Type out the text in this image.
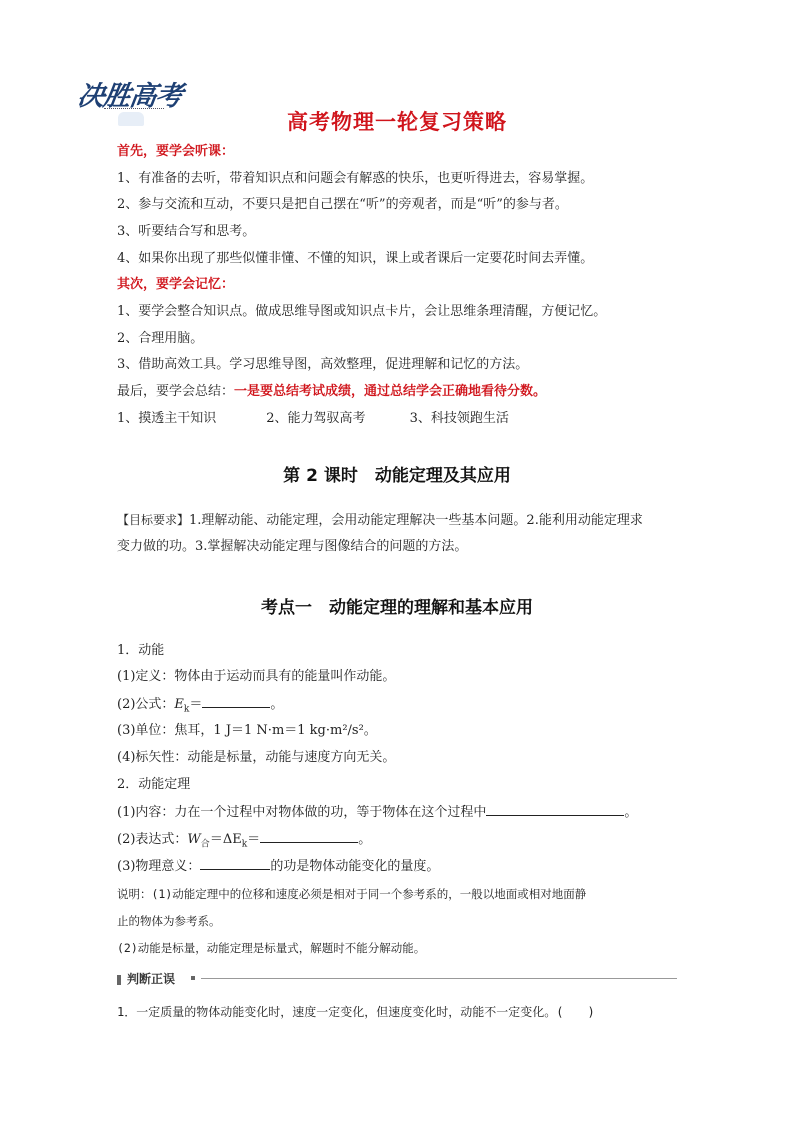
决胜高考
高考物理一轮复习策略
首先，要学会听课：
1、有准备的去听，带着知识点和问题会有解惑的快乐，也更听得进去，容易掌握。
2、参与交流和互动，不要只是把自己摆在“听”的旁观者，而是“听”的参与者。
3、听要结合写和思考。
4、如果你出现了那些似懂非懂、不懂的知识，课上或者课后一定要花时间去弄懂。
其次，要学会记忆：
1、要学会整合知识点。做成思维导图或知识点卡片，会让思维条理清醒，方便记忆。
2、合理用脑。
3、借助高效工具。学习思维导图，高效整理，促进理解和记忆的方法。
最后，要学会总结：一是要总结考试成绩，通过总结学会正确地看待分数。
1、摸透主干知识	2、能力驾驭高考	3、科技领跑生活
第 2 课时　动能定理及其应用
【目标要求】1.理解动能、动能定理，会用动能定理解决一些基本问题。2.能利用动能定理求
变力做的功。3.掌握解决动能定理与图像结合的问题的方法。
考点一　动能定理的理解和基本应用
1．动能
(1)定义：物体由于运动而具有的能量叫作动能。
(2)公式：$E_k=$	。
(3)单位：焦耳，1 J＝1 N·m＝1 kg·m²/s²。
(4)标矢性：动能是标量，动能与速度方向无关。
2．动能定理
(1)内容：力在一个过程中对物体做的功，等于物体在这个过程中	。
(2)表达式：$W_合=\Delta E_k=$	。
(3)物理意义：	的功是物体动能变化的量度。
说明：(1)动能定理中的位移和速度必须是相对于同一个参考系的，一般以地面或相对地面静
止的物体为参考系。
(2)动能是标量，动能定理是标量式，解题时不能分解动能。
判断正误
1．一定质量的物体动能变化时，速度一定变化，但速度变化时，动能不一定变化。(　　)
